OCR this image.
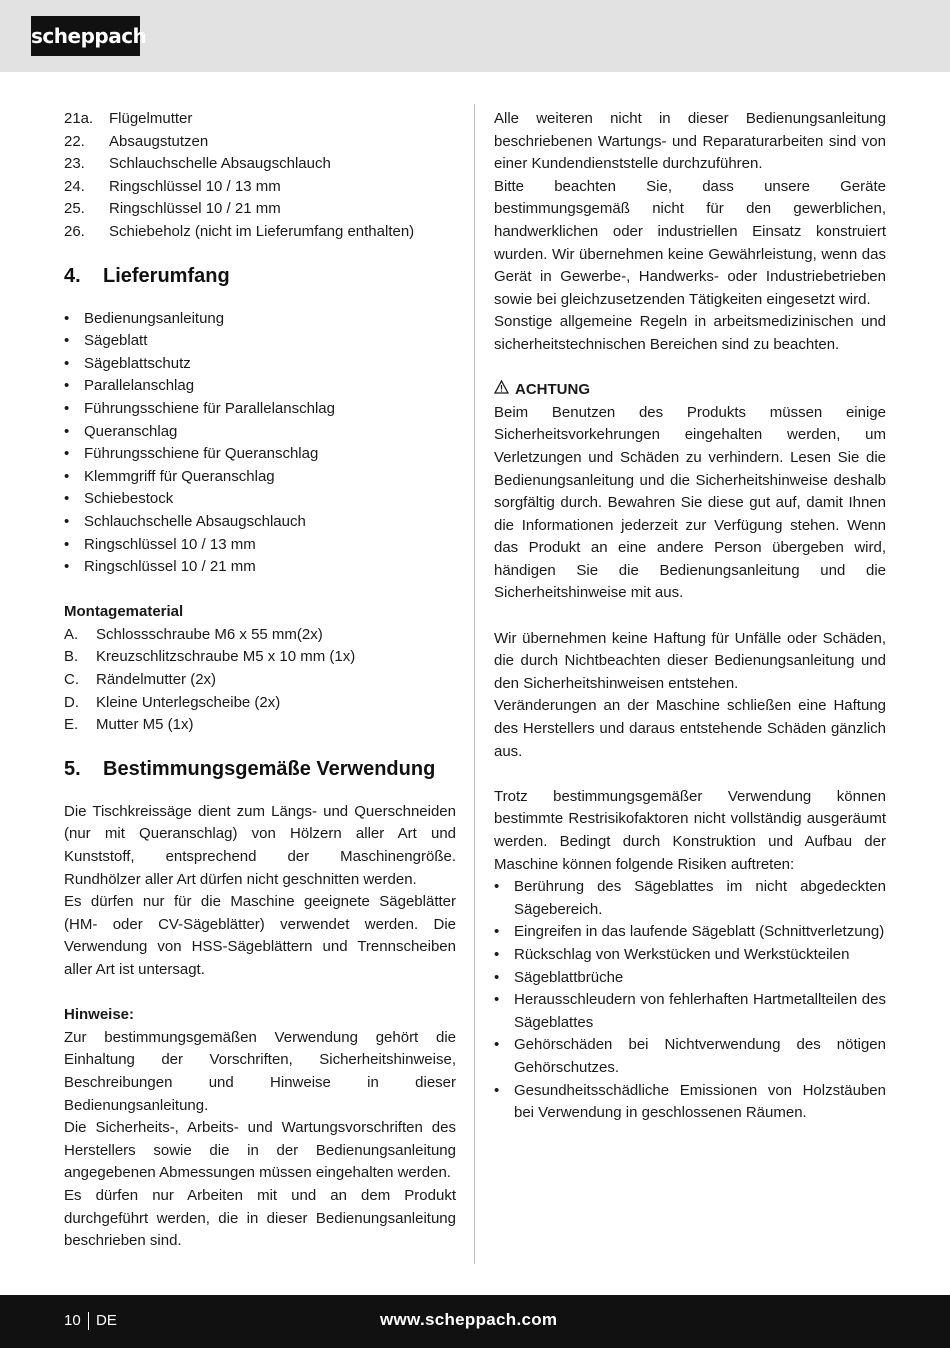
scheppach
21a.	Flügelmutter
22.	Absaugstutzen
23.	Schlauchschelle Absaugschlauch
24.	Ringschlüssel 10 / 13 mm
25.	Ringschlüssel 10 / 21 mm
26.	Schiebeholz (nicht im Lieferumfang enthalten)
4.	Lieferumfang
• Bedienungsanleitung
• Sägeblatt
• Sägeblattschutz
• Parallelanschlag
• Führungsschiene für Parallelanschlag
• Queranschlag
• Führungsschiene für Queranschlag
• Klemmgriff für Queranschlag
• Schiebestock
• Schlauchschelle Absaugschlauch
• Ringschlüssel 10 / 13 mm
• Ringschlüssel 10 / 21 mm
Montagematerial
A.	Schlossschraube M6 x 55 mm(2x)
B.	Kreuzschlitzschraube M5 x 10 mm (1x)
C.	Rändelmutter (2x)
D.	Kleine Unterlegscheibe (2x)
E.	Mutter M5 (1x)
5.	Bestimmungsgemäße Verwendung

Die Tischkreissäge dient zum Längs- und Querschneiden (nur mit Queranschlag) von Hölzern aller Art und Kunststoff, entsprechend der Maschinengröße. Rundhölzer aller Art dürfen nicht geschnitten werden.

Es dürfen nur für die Maschine geeignete Sägeblätter (HM- oder CV-Sägeblätter) verwendet werden. Die Verwendung von HSS-Sägeblättern und Trennscheiben aller Art ist untersagt.

Hinweise:

Zur bestimmungsgemäßen Verwendung gehört die Einhaltung der Vorschriften, Sicherheitshinweise, Beschreibungen und Hinweise in dieser Bedienungsanleitung.

Die Sicherheits-, Arbeits- und Wartungsvorschriften des Herstellers sowie die in der Bedienungsanleitung angegebenen Abmessungen müssen eingehalten werden.

Es dürfen nur Arbeiten mit und an dem Produkt durchgeführt werden, die in dieser Bedienungsanleitung beschrieben sind.

Alle weiteren nicht in dieser Bedienungsanleitung beschriebenen Wartungs- und Reparaturarbeiten sind von einer Kundendienststelle durchzuführen.

Bitte beachten Sie, dass unsere Geräte bestimmungsgemäß nicht für den gewerblichen, handwerklichen oder industriellen Einsatz konstruiert wurden. Wir übernehmen keine Gewährleistung, wenn das Gerät in Gewerbe-, Handwerks- oder Industriebetrieben sowie bei gleichzusetzenden Tätigkeiten eingesetzt wird.

Sonstige allgemeine Regeln in arbeitsmedizinischen und sicherheitstechnischen Bereichen sind zu beachten.

ACHTUNG

Beim Benutzen des Produkts müssen einige Sicherheitsvorkehrungen eingehalten werden, um Verletzungen und Schäden zu verhindern. Lesen Sie die Bedienungsanleitung und die Sicherheitshinweise deshalb sorgfältig durch. Bewahren Sie diese gut auf, damit Ihnen die Informationen jederzeit zur Verfügung stehen. Wenn das Produkt an eine andere Person übergeben wird, händigen Sie die Bedienungsanleitung und die Sicherheitshinweise mit aus.

Wir übernehmen keine Haftung für Unfälle oder Schäden, die durch Nichtbeachten dieser Bedienungsanleitung und den Sicherheitshinweisen entstehen.

Veränderungen an der Maschine schließen eine Haftung des Herstellers und daraus entstehende Schäden gänzlich aus.

Trotz bestimmungsgemäßer Verwendung können bestimmte Restrisikofaktoren nicht vollständig ausgeräumt werden. Bedingt durch Konstruktion und Aufbau der Maschine können folgende Risiken auftreten:

• Berührung des Sägeblattes im nicht abgedeckten Sägebereich.
• Eingreifen in das laufende Sägeblatt (Schnittverletzung)
• Rückschlag von Werkstücken und Werkstückteilen
• Sägeblattbrüche
• Herausschleudern von fehlerhaften Hartmetallteilen des Sägeblattes
• Gehörschäden bei Nichtverwendung des nötigen Gehörschutzes.
• Gesundheitsschädliche Emissionen von Holzstäuben bei Verwendung in geschlossenen Räumen.
10 DE	www.scheppach.com
